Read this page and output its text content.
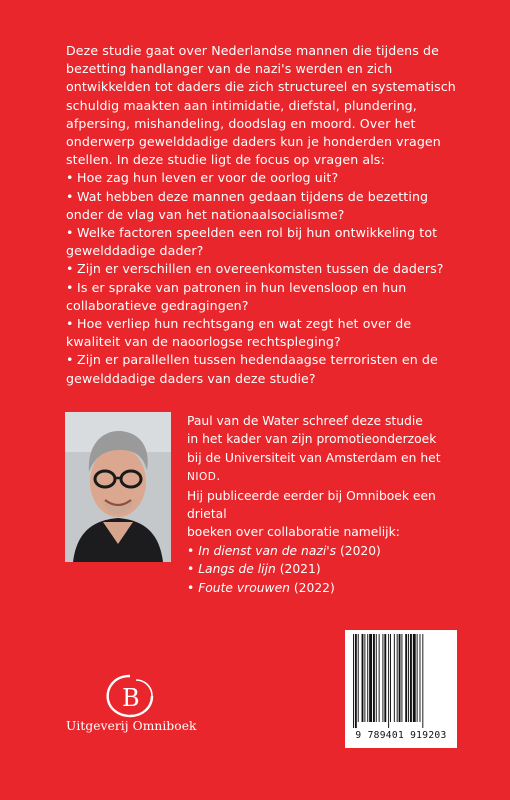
Deze studie gaat over Nederlandse mannen die tijdens de bezetting handlanger van de nazi's werden en zich ontwikkelden tot daders die zich structureel en systematisch schuldig maakten aan intimidatie, diefstal, plundering, afpersing, mishandeling, doodslag en moord. Over het onderwerp gewelddadige daders kun je honderden vragen stellen. In deze studie ligt de focus op vragen als:

• Hoe zag hun leven er voor de oorlog uit?
• Wat hebben deze mannen gedaan tijdens de bezetting onder de vlag van het nationaalsocialisme?
• Welke factoren speelden een rol bij hun ontwikkeling tot gewelddadige dader?
• Zijn er verschillen en overeenkomsten tussen de daders?
• Is er sprake van patronen in hun levensloop en hun collaboratieve gedragingen?
• Hoe verliep hun rechtsgang en wat zegt het over de kwaliteit van de naoorlogse rechtspleging?
• Zijn er parallellen tussen hedendaagse terroristen en de gewelddadige daders van deze studie?
Paul van de Water schreef deze studie
in het kader van zijn promotieonderzoek
bij de Universiteit van Amsterdam en het NIOD.
Hij publiceerde eerder bij Omniboek een drietal
boeken over collaboratie namelijk:
• In dienst van de nazi's (2020)
• Langs de lijn (2021)
• Foute vrouwen (2022)
B
Uitgeverij Omniboek
9 789401 919203
